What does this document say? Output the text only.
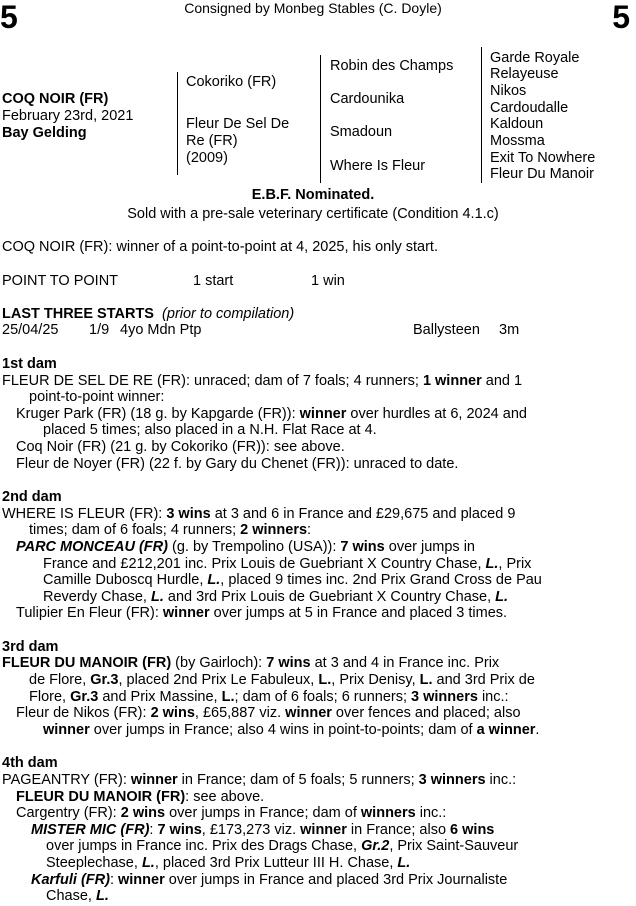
5	5
Consigned by Monbeg Stables (C. Doyle)
COQ NOIR (FR)
February 23rd, 2021
Bay Gelding
Cokoriko (FR)
Fleur De Sel De
Re (FR)
(2009)
Robin des Champs
Cardounika
Smadoun
Where Is Fleur
Garde Royale
Relayeuse
Nikos
Cardoudalle
Kaldoun
Mossma
Exit To Nowhere
Fleur Du Manoir
E.B.F. Nominated.
Sold with a pre-sale veterinary certificate (Condition 4.1.c)
COQ NOIR (FR): winner of a point-to-point at 4, 2025, his only start.
POINT TO POINT	1 start	1 win
LAST THREE STARTS (prior to compilation)
25/04/25 1/9 4yo Mdn Ptp	Ballysteen 3m
1st dam
FLEUR DE SEL DE RE (FR): unraced; dam of 7 foals; 4 runners; 1 winner and 1
point-to-point winner:
Kruger Park (FR) (18 g. by Kapgarde (FR)): winner over hurdles at 6, 2024 and
placed 5 times; also placed in a N.H. Flat Race at 4.
Coq Noir (FR) (21 g. by Cokoriko (FR)): see above.
Fleur de Noyer (FR) (22 f. by Gary du Chenet (FR)): unraced to date.
2nd dam
WHERE IS FLEUR (FR): 3 wins at 3 and 6 in France and £29,675 and placed 9
times; dam of 6 foals; 4 runners; 2 winners:
PARC MONCEAU (FR) (g. by Trempolino (USA)): 7 wins over jumps in
France and £212,201 inc. Prix Louis de Guebriant X Country Chase, L., Prix
Camille Duboscq Hurdle, L., placed 9 times inc. 2nd Prix Grand Cross de Pau
Reverdy Chase, L. and 3rd Prix Louis de Guebriant X Country Chase, L.
Tulipier En Fleur (FR): winner over jumps at 5 in France and placed 3 times.
3rd dam
FLEUR DU MANOIR (FR) (by Gairloch): 7 wins at 3 and 4 in France inc. Prix
de Flore, Gr.3, placed 2nd Prix Le Fabuleux, L., Prix Denisy, L. and 3rd Prix de
Flore, Gr.3 and Prix Massine, L.; dam of 6 foals; 6 runners; 3 winners inc.:
Fleur de Nikos (FR): 2 wins, £65,887 viz. winner over fences and placed; also
winner over jumps in France; also 4 wins in point-to-points; dam of a winner.
4th dam
PAGEANTRY (FR): winner in France; dam of 5 foals; 5 runners; 3 winners inc.:
FLEUR DU MANOIR (FR): see above.
Cargentry (FR): 2 wins over jumps in France; dam of winners inc.:
MISTER MIC (FR): 7 wins, £173,273 viz. winner in France; also 6 wins
over jumps in France inc. Prix des Drags Chase, Gr.2, Prix Saint-Sauveur
Steeplechase, L., placed 3rd Prix Lutteur III H. Chase, L.
Karfuli (FR): winner over jumps in France and placed 3rd Prix Journaliste
Chase, L.
